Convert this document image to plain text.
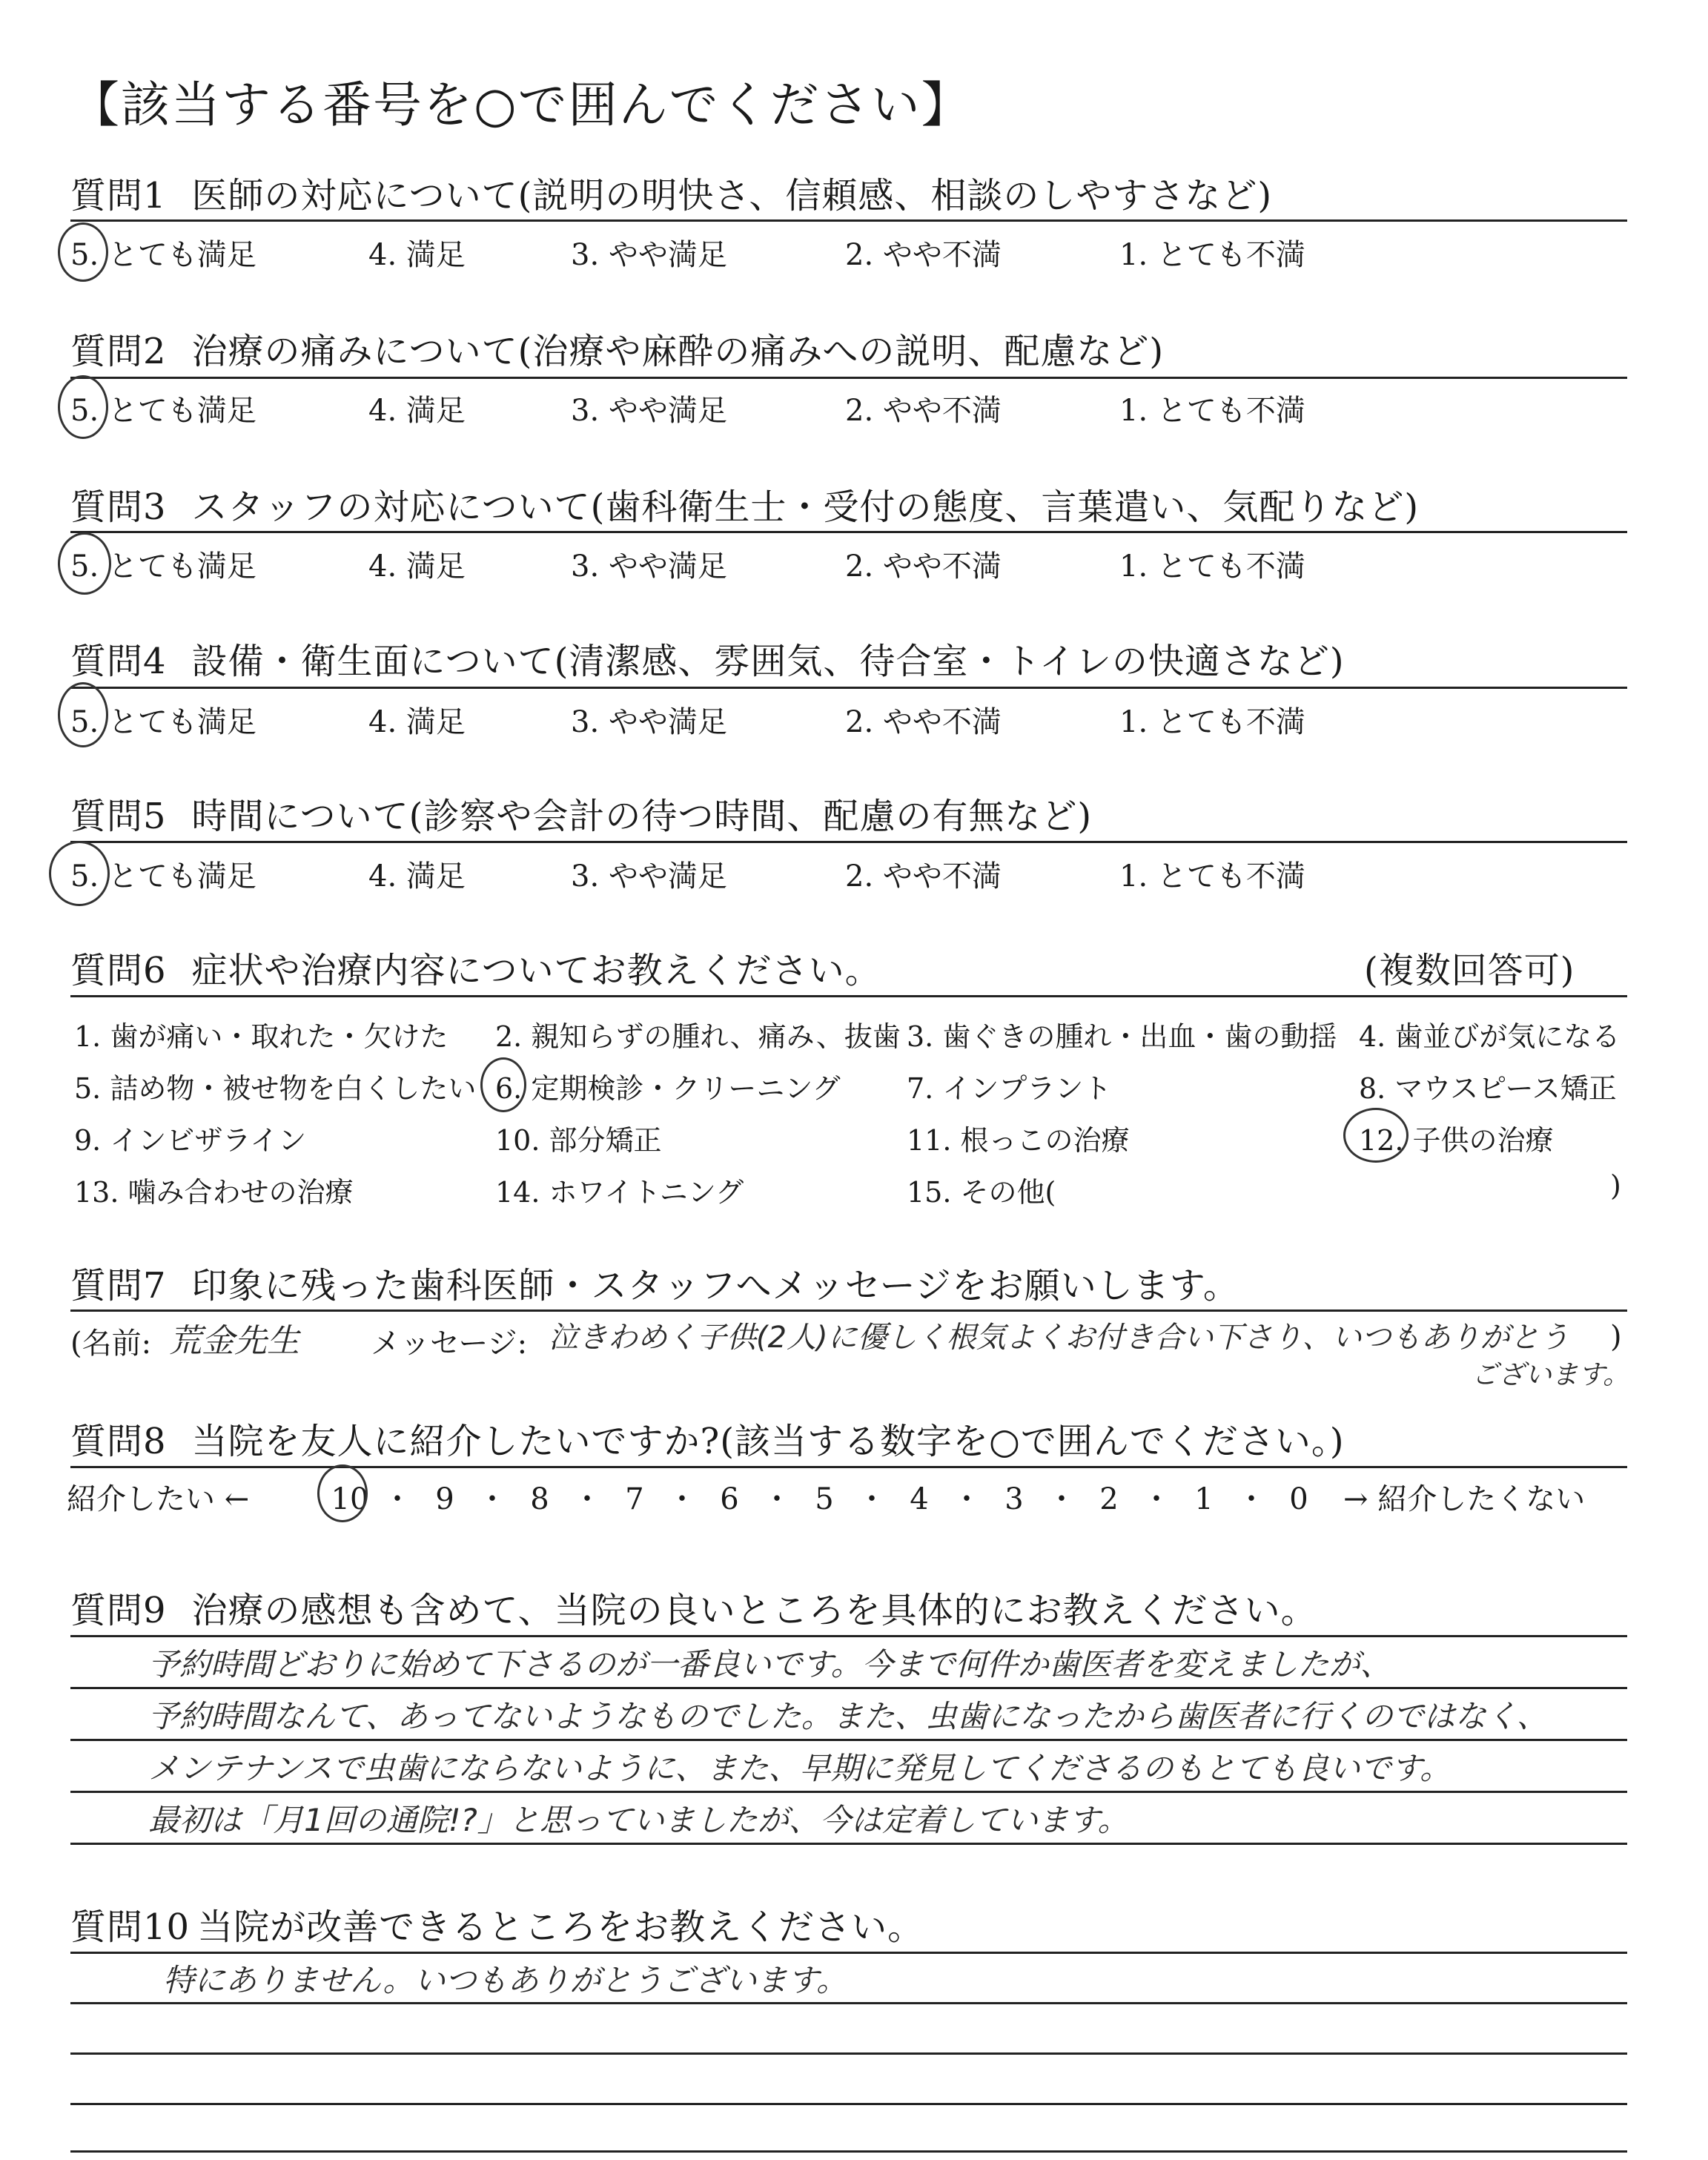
【該当する番号を○で囲んでください】
質問1 医師の対応について(説明の明快さ、信頼感、相談のしやすさなど)
5. とても満足	4. 満足	3. やや満足	2. やや不満	1. とても不満
質問2 治療の痛みについて(治療や麻酔の痛みへの説明、配慮など)
5. とても満足	4. 満足	3. やや満足	2. やや不満	1. とても不満
質問3 スタッフの対応について(歯科衛生士・受付の態度、言葉遣い、気配りなど)
5. とても満足	4. 満足	3. やや満足	2. やや不満	1. とても不満
質問4 設備・衛生面について(清潔感、雰囲気、待合室・トイレの快適さなど)
5. とても満足	4. 満足	3. やや満足	2. やや不満	1. とても不満
質問5 時間について(診察や会計の待つ時間、配慮の有無など)
5. とても満足	4. 満足	3. やや満足	2. やや不満	1. とても不満
質問6 症状や治療内容についてお教えください。	(複数回答可)
1. 歯が痛い・取れた・欠けた 2. 親知らずの腫れ、痛み、抜歯 3. 歯ぐきの腫れ・出血・歯の動揺 4. 歯並びが気になる
5. 詰め物・被せ物を白くしたい 6. 定期検診・クリーニング 7. インプラント	8. マウスピース矯正
9. インビザライン	10. 部分矯正	11. 根っこの治療	12. 子供の治療
13. 噛み合わせの治療	14. ホワイトニング	15. その他(	)
質問7 印象に残った歯科医師・スタッフへメッセージをお願いします。
(名前: 荒金先生 メッセージ: 泣きわめく子供(2人)に優しく根気よくお付き合い下さり、いつもありがとう
ございます。
)
質問8 当院を友人に紹介したいですか?(該当する数字を○で囲んでください。)
紹介したい ←	10 ・ 9 ・ 8 ・ 7 ・ 6 ・ 5 ・ 4 ・ 3 ・ 2 ・ 1 ・ 0	→ 紹介したくない
質問9 治療の感想も含めて、当院の良いところを具体的にお教えください。
予約時間どおりに始めて下さるのが一番良いです。今まで何件か歯医者を変えましたが、
予約時間なんて、あってないようなものでした。また、虫歯になったから歯医者に行くのではなく、
メンテナンスで虫歯にならないように、また、早期に発見してくださるのもとても良いです。
最初は「月1回の通院!?」と思っていましたが、今は定着しています。
質問10 当院が改善できるところをお教えください。
特にありません。いつもありがとうございます。
